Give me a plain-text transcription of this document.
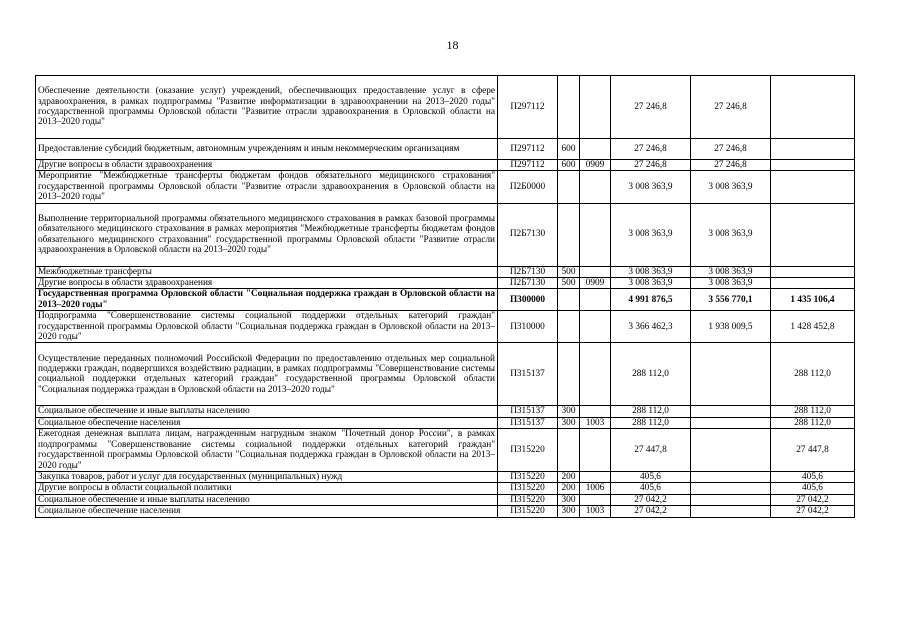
18
Обеспечение деятельности (оказание услуг) учреждений, обеспечивающих предоставление услуг в сфере здравоохранения, в рамках подпрограммы "Развитие информатизации в здравоохранении на 2013–2020 годы" государственной программы Орловской области "Развитие отрасли здравоохранения в Орловской области на 2013–2020 годы"	П297112			27 246,8	27 246,8	
Предоставление субсидий бюджетным, автономным учреждениям и иным некоммерческим организациям	П297112	600		27 246,8	27 246,8	
Другие вопросы в области здравоохранения	П297112	600	0909	27 246,8	27 246,8	
Мероприятие "Межбюджетные трансферты бюджетам фондов обязательного медицинского страхования" государственной программы Орловской области "Развитие отрасли здравоохранения в Орловской области на 2013–2020 годы"	П2Б0000			3 008 363,9	3 008 363,9	
Выполнение территориальной программы обязательного медицинского страхования в рамках базовой программы обязательного медицинского страхования в рамках мероприятия "Межбюджетные трансферты бюджетам фондов обязательного медицинского страхования" государственной программы Орловской области "Развитие отрасли здравоохранения в Орловской области на 2013–2020 годы"	П2Б7130			3 008 363,9	3 008 363,9	
Межбюджетные трансферты	П2Б7130	500		3 008 363,9	3 008 363,9	
Другие вопросы в области здравоохранения	П2Б7130	500	0909	3 008 363,9	3 008 363,9	
Государственная программа Орловской области "Социальная поддержка граждан в Орловской области на 2013–2020 годы"	П300000			4 991 876,5	3 556 770,1	1 435 106,4
Подпрограмма "Совершенствование системы социальной поддержки отдельных категорий граждан" государственной программы Орловской области "Социальная поддержка граждан в Орловской области на 2013–2020 годы"	П310000			3 366 462,3	1 938 009,5	1 428 452,8
Осуществление переданных полномочий Российской Федерации по предоставлению отдельных мер социальной поддержки граждан, подвергшихся воздействию радиации, в рамках подпрограммы "Совершенствование системы социальной поддержки отдельных категорий граждан" государственной программы Орловской области "Социальная поддержка граждан в Орловской области на 2013–2020 годы"	П315137			288 112,0		288 112,0
Социальное обеспечение и иные выплаты населению	П315137	300		288 112,0		288 112,0
Социальное обеспечение населения	П315137	300	1003	288 112,0		288 112,0
Ежегодная денежная выплата лицам, награжденным нагрудным знаком "Почетный донор России", в рамках подпрограммы "Совершенствование системы социальной поддержки отдельных категорий граждан" государственной программы Орловской области "Социальная поддержка граждан в Орловской области на 2013–2020 годы"	П315220			27 447,8		27 447,8
Закупка товаров, работ и услуг для государственных (муниципальных) нужд	П315220	200		405,6		405,6
Другие вопросы в области социальной политики	П315220	200	1006	405,6		405,6
Социальное обеспечение и иные выплаты населению	П315220	300		27 042,2		27 042,2
Социальное обеспечение населения	П315220	300	1003	27 042,2		27 042,2
